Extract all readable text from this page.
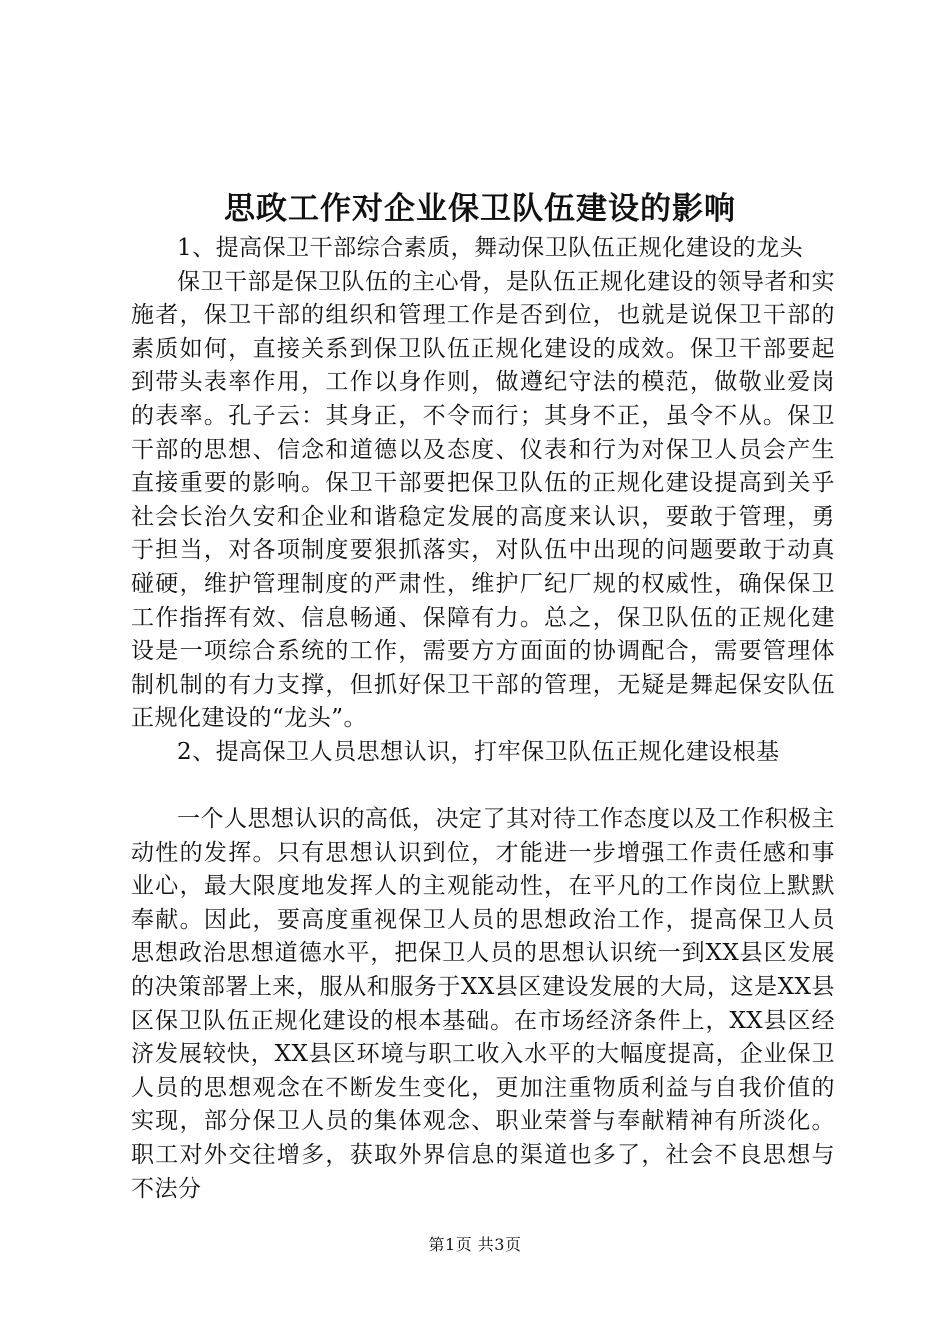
思政工作对企业保卫队伍建设的影响

1、提高保卫干部综合素质，舞动保卫队伍正规化建设的龙头

保卫干部是保卫队伍的主心骨，是队伍正规化建设的领导者和实施者，保卫干部的组织和管理工作是否到位，也就是说保卫干部的素质如何，直接关系到保卫队伍正规化建设的成效。保卫干部要起到带头表率作用，工作以身作则，做遵纪守法的模范，做敬业爱岗的表率。孔子云：其身正，不令而行；其身不正，虽令不从。保卫干部的思想、信念和道德以及态度、仪表和行为对保卫人员会产生直接重要的影响。保卫干部要把保卫队伍的正规化建设提高到关乎社会长治久安和企业和谐稳定发展的高度来认识，要敢于管理，勇于担当，对各项制度要狠抓落实，对队伍中出现的问题要敢于动真碰硬，维护管理制度的严肃性，维护厂纪厂规的权威性，确保保卫工作指挥有效、信息畅通、保障有力。总之，保卫队伍的正规化建设是一项综合系统的工作，需要方方面面的协调配合，需要管理体制机制的有力支撑，但抓好保卫干部的管理，无疑是舞起保安队伍正规化建设的“龙头”。

2、提高保卫人员思想认识，打牢保卫队伍正规化建设根基

一个人思想认识的高低，决定了其对待工作态度以及工作积极主动性的发挥。只有思想认识到位，才能进一步增强工作责任感和事业心，最大限度地发挥人的主观能动性，在平凡的工作岗位上默默奉献。因此，要高度重视保卫人员的思想政治工作，提高保卫人员思想政治思想道德水平，把保卫人员的思想认识统一到XX县区发展的决策部署上来，服从和服务于XX县区建设发展的大局，这是XX县区保卫队伍正规化建设的根本基础。在市场经济条件上，XX县区经济发展较快，XX县区环境与职工收入水平的大幅度提高，企业保卫人员的思想观念在不断发生变化，更加注重物质利益与自我价值的实现，部分保卫人员的集体观念、职业荣誉与奉献精神有所淡化。职工对外交往增多，获取外界信息的渠道也多了，社会不良思想与不法分

第1页 共3页
